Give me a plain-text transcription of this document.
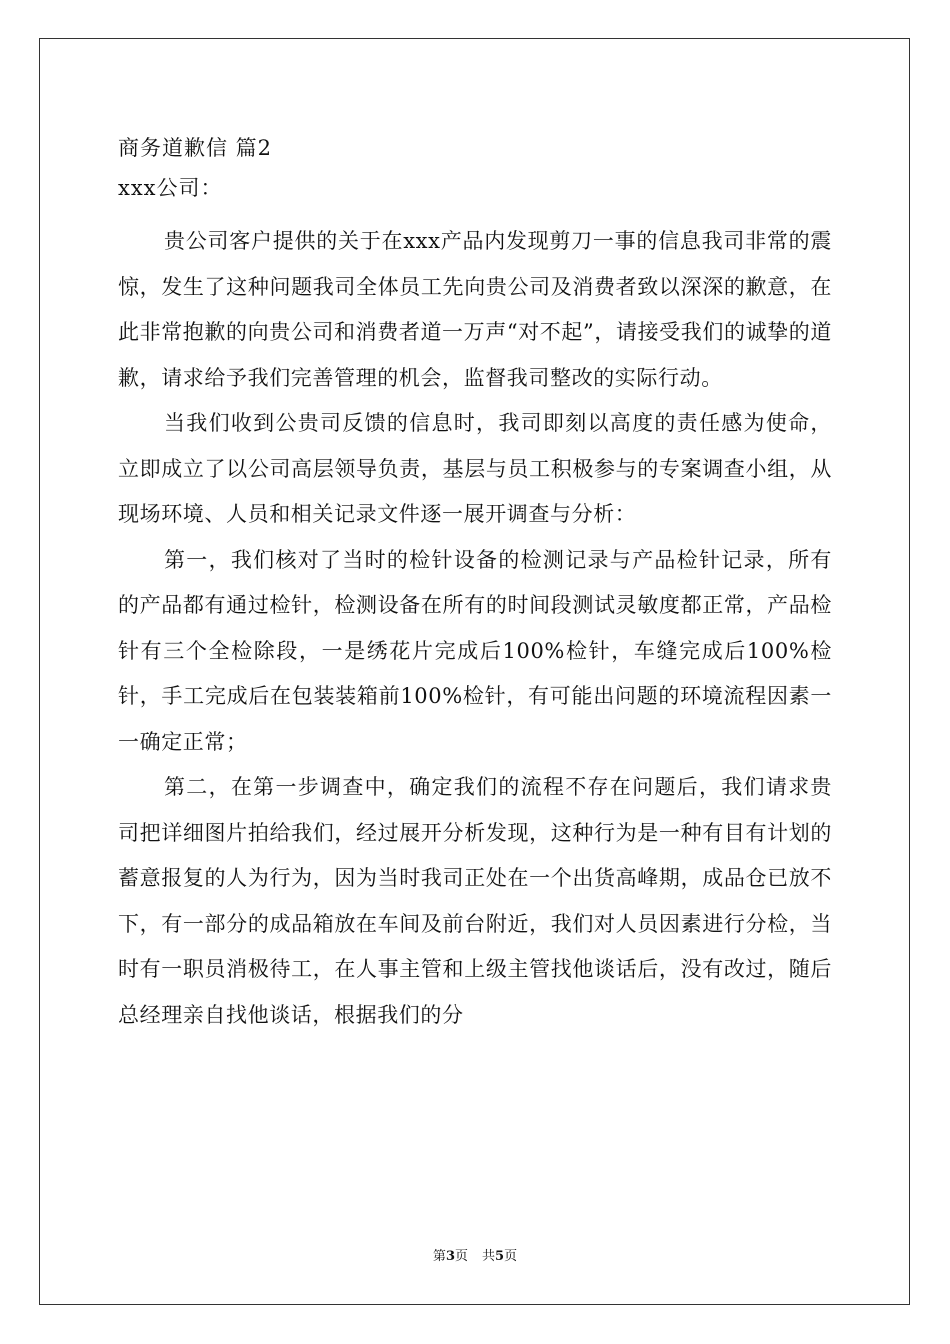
商务道歉信 篇2

xxx公司：

贵公司客户提供的关于在xxx产品内发现剪刀一事的信息我司非常的震惊，发生了这种问题我司全体员工先向贵公司及消费者致以深深的歉意，在此非常抱歉的向贵公司和消费者道一万声“对不起”，请接受我们的诚挚的道歉，请求给予我们完善管理的机会，监督我司整改的实际行动。

当我们收到公贵司反馈的信息时，我司即刻以高度的责任感为使命，立即成立了以公司高层领导负责，基层与员工积极参与的专案调查小组，从现场环境、人员和相关记录文件逐一展开调查与分析：

第一，我们核对了当时的检针设备的检测记录与产品检针记录，所有的产品都有通过检针，检测设备在所有的时间段测试灵敏度都正常，产品检针有三个全检除段，一是绣花片完成后100%检针，车缝完成后100%检针，手工完成后在包装装箱前100%检针，有可能出问题的环境流程因素一一确定正常；

第二，在第一步调查中，确定我们的流程不存在问题后，我们请求贵司把详细图片拍给我们，经过展开分析发现，这种行为是一种有目有计划的蓄意报复的人为行为，因为当时我司正处在一个出货高峰期，成品仓已放不下，有一部分的成品箱放在车间及前台附近，我们对人员因素进行分检，当时有一职员消极待工，在人事主管和上级主管找他谈话后，没有改过，随后总经理亲自找他谈话，根据我们的分

第3页 共5页
